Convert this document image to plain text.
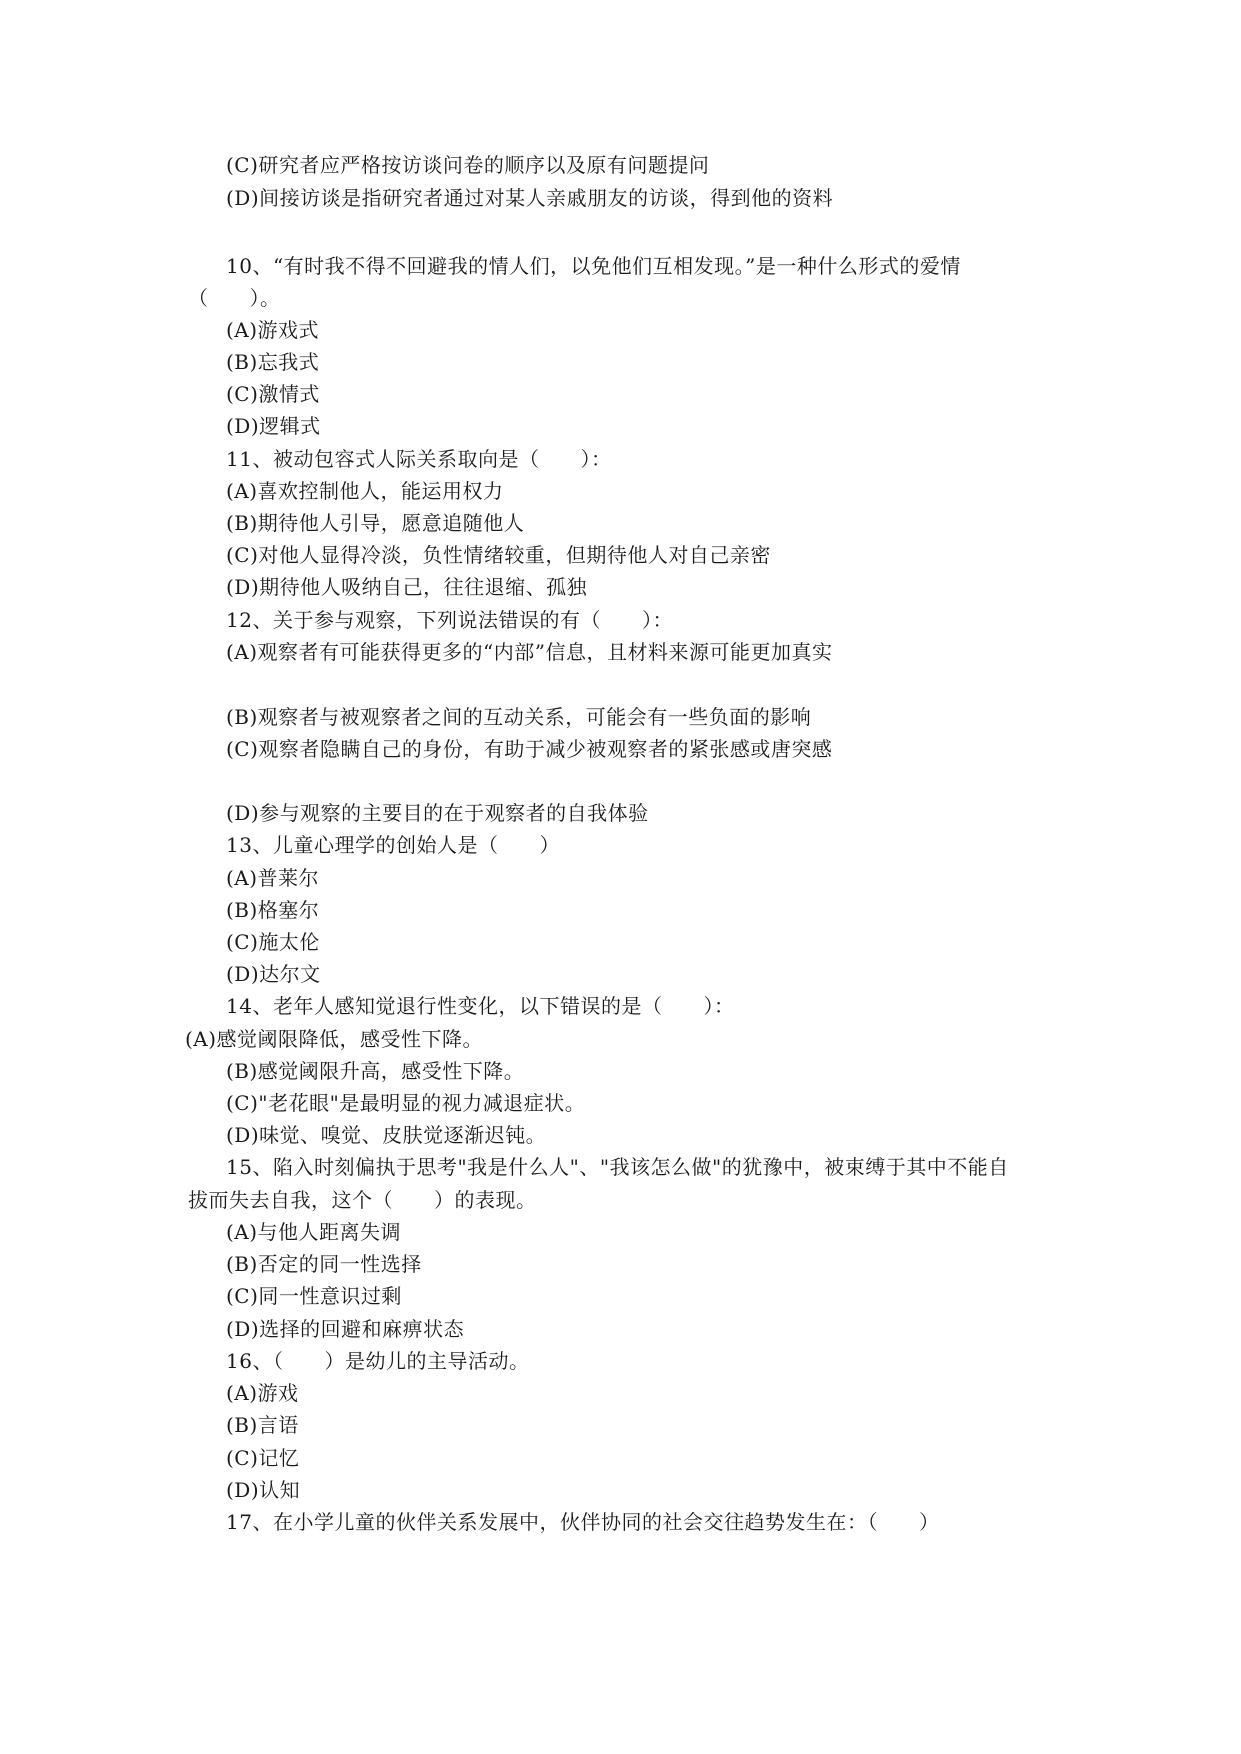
(C)研究者应严格按访谈问卷的顺序以及原有问题提问
(D)间接访谈是指研究者通过对某人亲戚朋友的访谈，得到他的资料
10、“有时我不得不回避我的情人们，以免他们互相发现。”是一种什么形式的爱情
（　　）。
(A)游戏式
(B)忘我式
(C)激情式
(D)逻辑式
11、被动包容式人际关系取向是（　　）：
(A)喜欢控制他人，能运用权力
(B)期待他人引导，愿意追随他人
(C)对他人显得冷淡，负性情绪较重，但期待他人对自己亲密
(D)期待他人吸纳自己，往往退缩、孤独
12、关于参与观察，下列说法错误的有（　　）：
(A)观察者有可能获得更多的“内部”信息，且材料来源可能更加真实
(B)观察者与被观察者之间的互动关系，可能会有一些负面的影响
(C)观察者隐瞒自己的身份，有助于减少被观察者的紧张感或唐突感
(D)参与观察的主要目的在于观察者的自我体验
13、儿童心理学的创始人是（　　）
(A)普莱尔
(B)格塞尔
(C)施太伦
(D)达尔文
14、老年人感知觉退行性变化，以下错误的是（　　）：
(A)感觉阈限降低，感受性下降。
(B)感觉阈限升高，感受性下降。
(C)"老花眼"是最明显的视力减退症状。
(D)味觉、嗅觉、皮肤觉逐渐迟钝。
15、陷入时刻偏执于思考"我是什么人"、"我该怎么做"的犹豫中，被束缚于其中不能自
拔而失去自我，这个（　　）的表现。
(A)与他人距离失调
(B)否定的同一性选择
(C)同一性意识过剩
(D)选择的回避和麻痹状态
16、（　　）是幼儿的主导活动。
(A)游戏
(B)言语
(C)记忆
(D)认知
17、在小学儿童的伙伴关系发展中，伙伴协同的社会交往趋势发生在：（　　）
